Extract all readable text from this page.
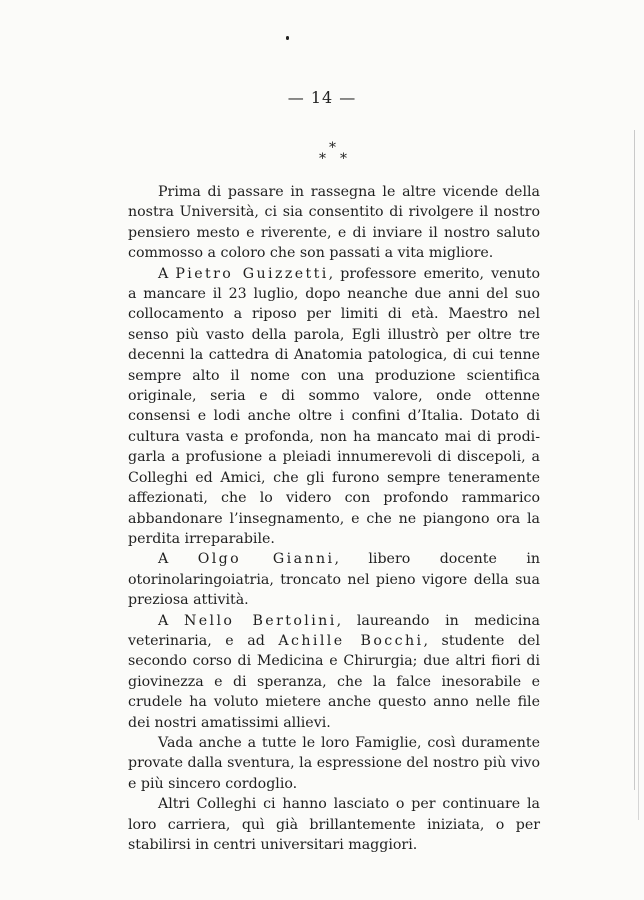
— 14 —
*
* *

Prima di passare in rassegna le altre vicende della nostra Università, ci sia consentito di rivolgere il nostro pensiero mesto e riverente, e di inviare il nostro saluto commosso a coloro che son passati a vita migliore.

A Pietro Guizzetti, professore emerito, venuto a mancare il 23 luglio, dopo neanche due anni del suo collocamento a riposo per limiti di età. Maestro nel senso più vasto della parola, Egli illustrò per oltre tre decenni la cattedra di Anatomia patologica, di cui tenne sempre alto il nome con una produzione scientifica originale, seria e di sommo valore, onde ottenne consensi e lodi anche oltre i confini d’Italia. Dotato di cultura vasta e profonda, non ha mancato mai di prodigarla a profusione a pleiadi innumerevoli di discepoli, a Colleghi ed Amici, che gli furono sempre teneramente affezionati, che lo videro con profondo rammarico abbandonare l’insegnamento, e che ne piangono ora la perdita irreparabile.

A Olgo Gianni, libero docente in otorinolaringoiatria, troncato nel pieno vigore della sua preziosa attività.

A Nello Bertolini, laureando in medicina veterinaria, e ad Achille Bocchi, studente del secondo corso di Medicina e Chirurgia; due altri fiori di giovinezza e di speranza, che la falce inesorabile e crudele ha voluto mietere anche questo anno nelle file dei nostri amatissimi allievi.

Vada anche a tutte le loro Famiglie, così duramente provate dalla sventura, la espressione del nostro più vivo e più sincero cordoglio.

Altri Colleghi ci hanno lasciato o per continuare la loro carriera, quì già brillantemente iniziata, o per stabilirsi in centri universitari maggiori.
